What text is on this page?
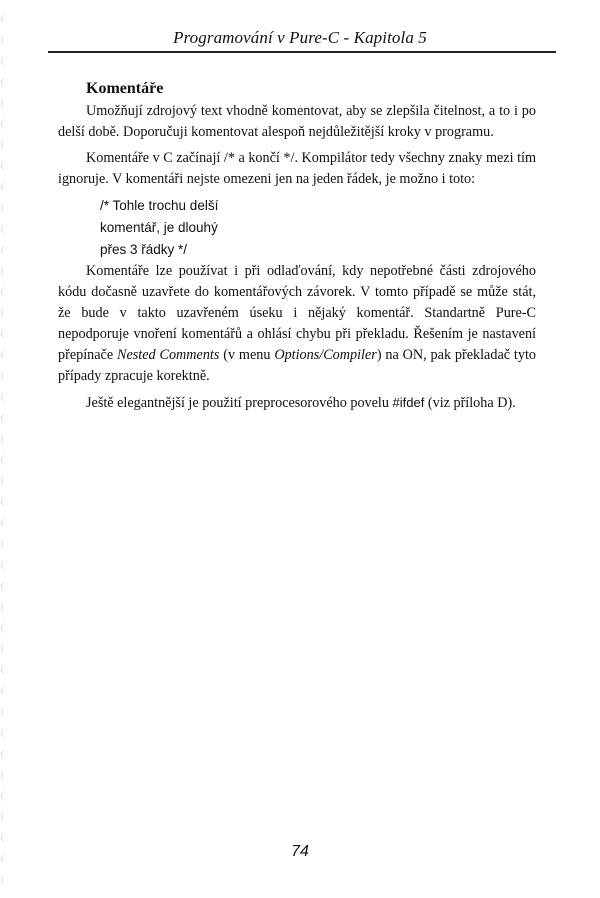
Programování v Pure-C - Kapitola 5
Komentáře

Umožňují zdrojový text vhodně komentovat, aby se zlepšila čitelnost, a to i po delší době. Doporučuji komentovat alespoň nejdůležitější kroky v programu.

Komentáře v C začínají /* a končí */. Kompilátor tedy všechny znaky mezi tím ignoruje. V komentáři nejste omezeni jen na jeden řádek, je možno i toto:

/* Tohle trochu delší
komentář, je dlouhý
přes 3 řádky */

Komentáře lze používat i při odlaďování, kdy nepotřebné části zdrojového kódu dočasně uzavřete do komentářových závorek. V tomto případě se může stát, že bude v takto uzavřeném úseku i nějaký komentář. Standartně Pure-C nepodporuje vnoření komentářů a ohlásí chybu při překladu. Řešením je nastavení přepínače Nested Comments (v menu Options/Compiler) na ON, pak překladač tyto případy zpracuje korektně.

Ještě elegantnější je použití preprocesorového povelu #ifdef (viz příloha D).

74
